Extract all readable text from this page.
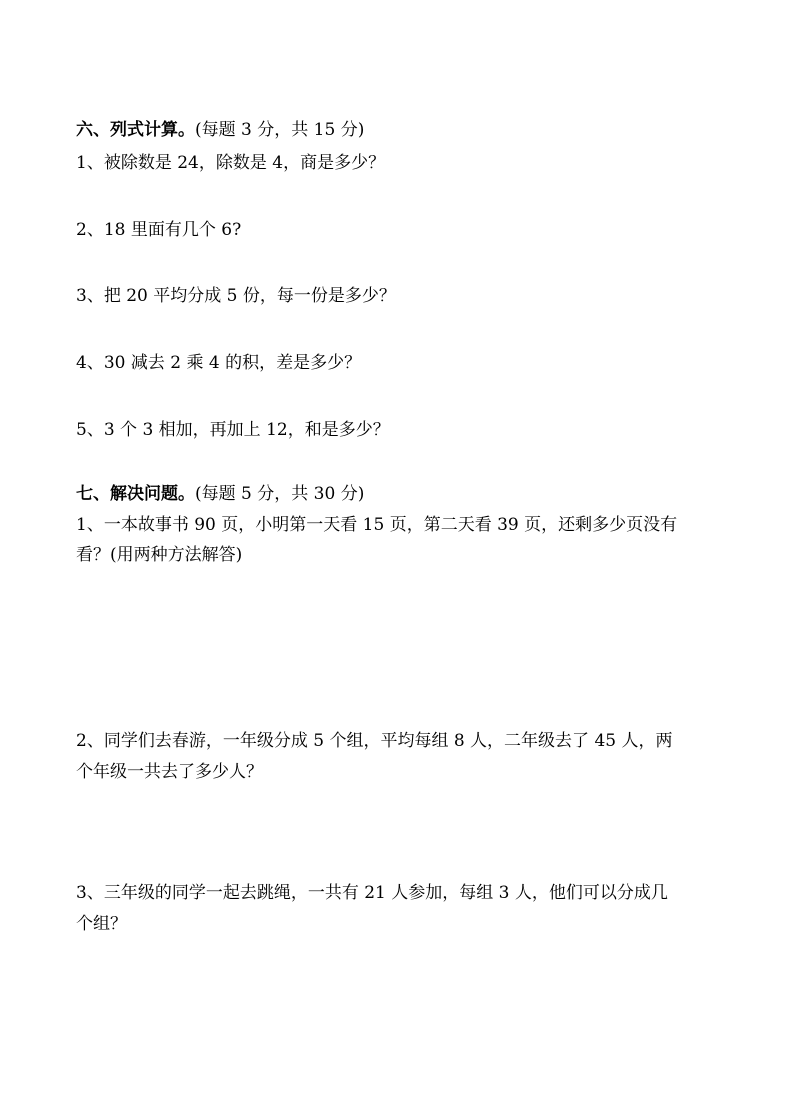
六、列式计算。(每题 3 分，共 15 分)
1、被除数是 24，除数是 4，商是多少？
2、18 里面有几个 6?
3、把 20 平均分成 5 份，每一份是多少？
4、30 减去 2 乘 4 的积，差是多少？
5、3 个 3 相加，再加上 12，和是多少？
七、解决问题。(每题 5 分，共 30 分)
1、一本故事书 90 页，小明第一天看 15 页，第二天看 39 页，还剩多少页没有
看？(用两种方法解答)
2、同学们去春游，一年级分成 5 个组，平均每组 8 人，二年级去了 45 人，两
个年级一共去了多少人？
3、三年级的同学一起去跳绳，一共有 21 人参加，每组 3 人，他们可以分成几
个组？
